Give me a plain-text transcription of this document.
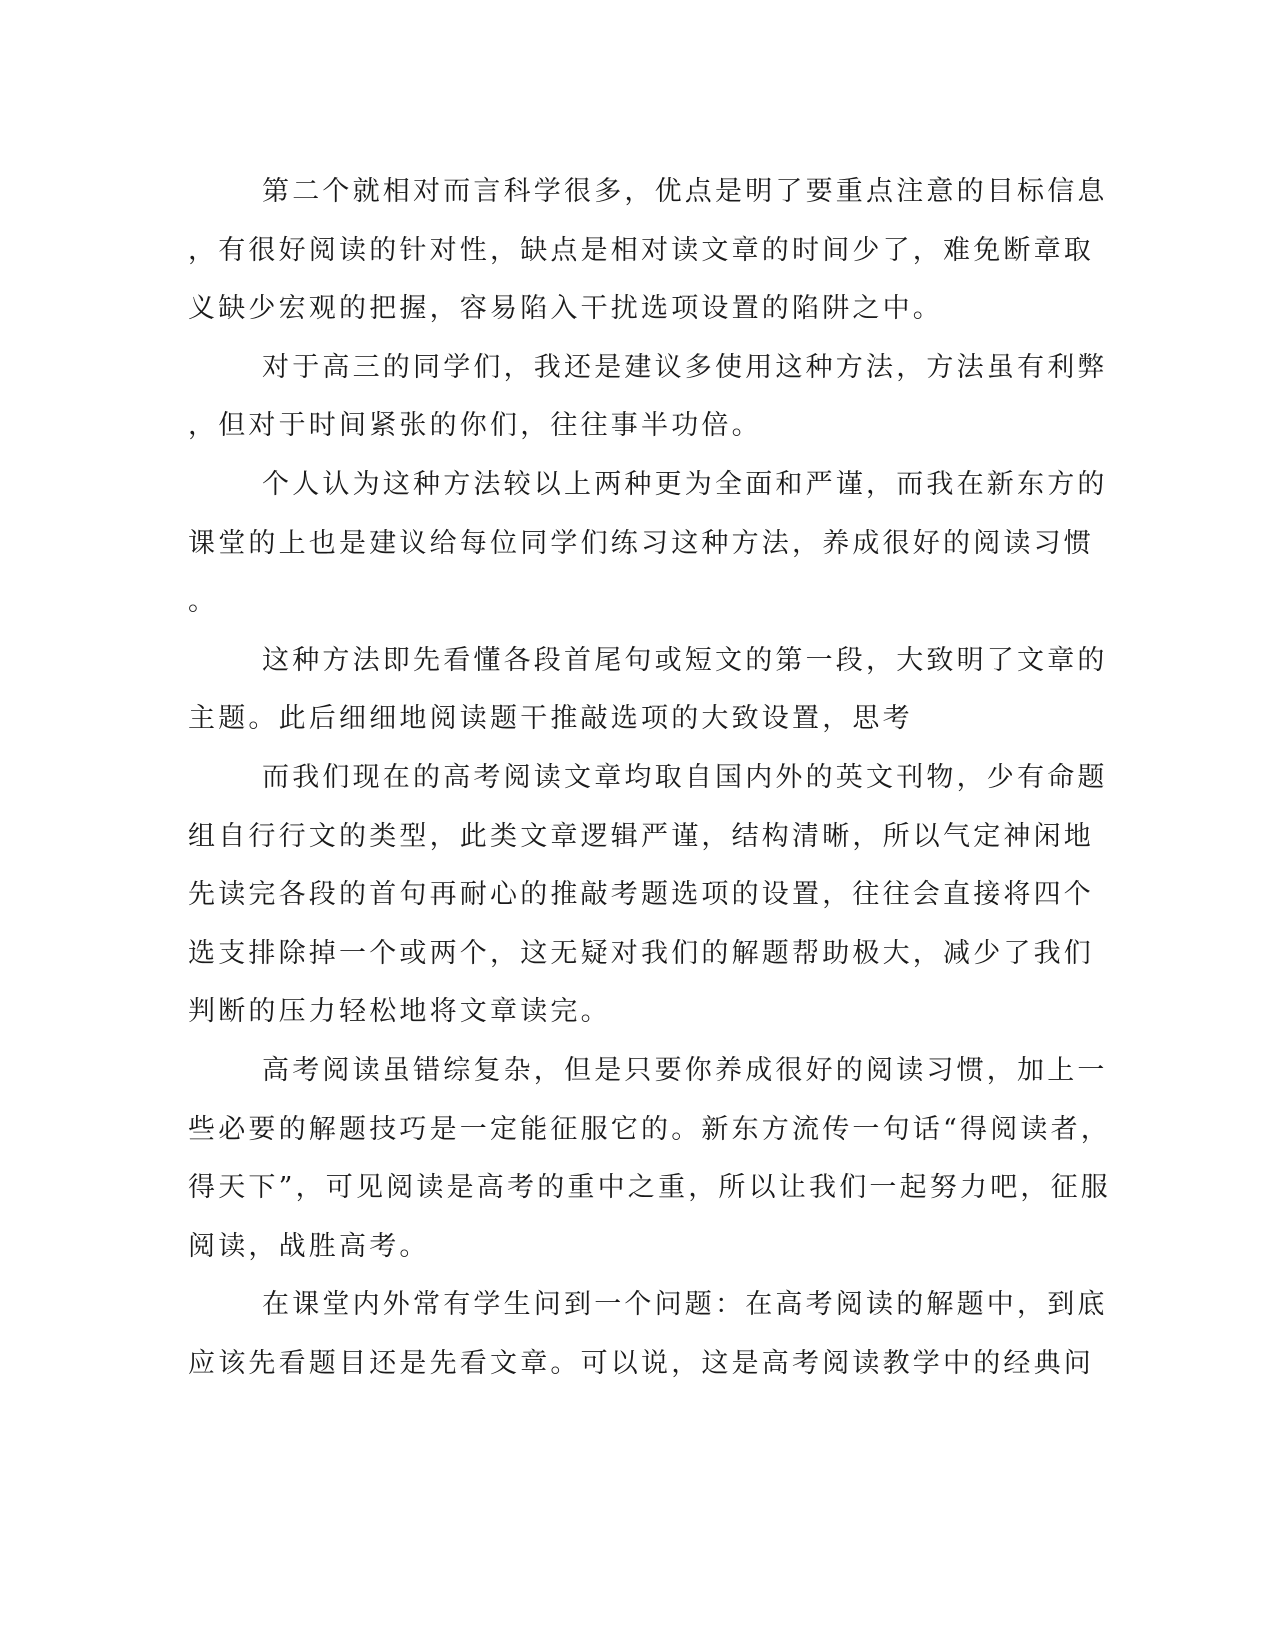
第二个就相对而言科学很多，优点是明了要重点注意的目标信息
，有很好阅读的针对性，缺点是相对读文章的时间少了，难免断章取
义缺少宏观的把握，容易陷入干扰选项设置的陷阱之中。
对于高三的同学们，我还是建议多使用这种方法，方法虽有利弊
，但对于时间紧张的你们，往往事半功倍。
个人认为这种方法较以上两种更为全面和严谨，而我在新东方的
课堂的上也是建议给每位同学们练习这种方法，养成很好的阅读习惯
。
这种方法即先看懂各段首尾句或短文的第一段，大致明了文章的
主题。此后细细地阅读题干推敲选项的大致设置，思考
而我们现在的高考阅读文章均取自国内外的英文刊物，少有命题
组自行行文的类型，此类文章逻辑严谨，结构清晰，所以气定神闲地
先读完各段的首句再耐心的推敲考题选项的设置，往往会直接将四个
选支排除掉一个或两个，这无疑对我们的解题帮助极大，减少了我们
判断的压力轻松地将文章读完。
高考阅读虽错综复杂，但是只要你养成很好的阅读习惯，加上一
些必要的解题技巧是一定能征服它的。新东方流传一句话“得阅读者，
得天下”，可见阅读是高考的重中之重，所以让我们一起努力吧，征服
阅读，战胜高考。
在课堂内外常有学生问到一个问题：在高考阅读的解题中，到底
应该先看题目还是先看文章。可以说，这是高考阅读教学中的经典问
